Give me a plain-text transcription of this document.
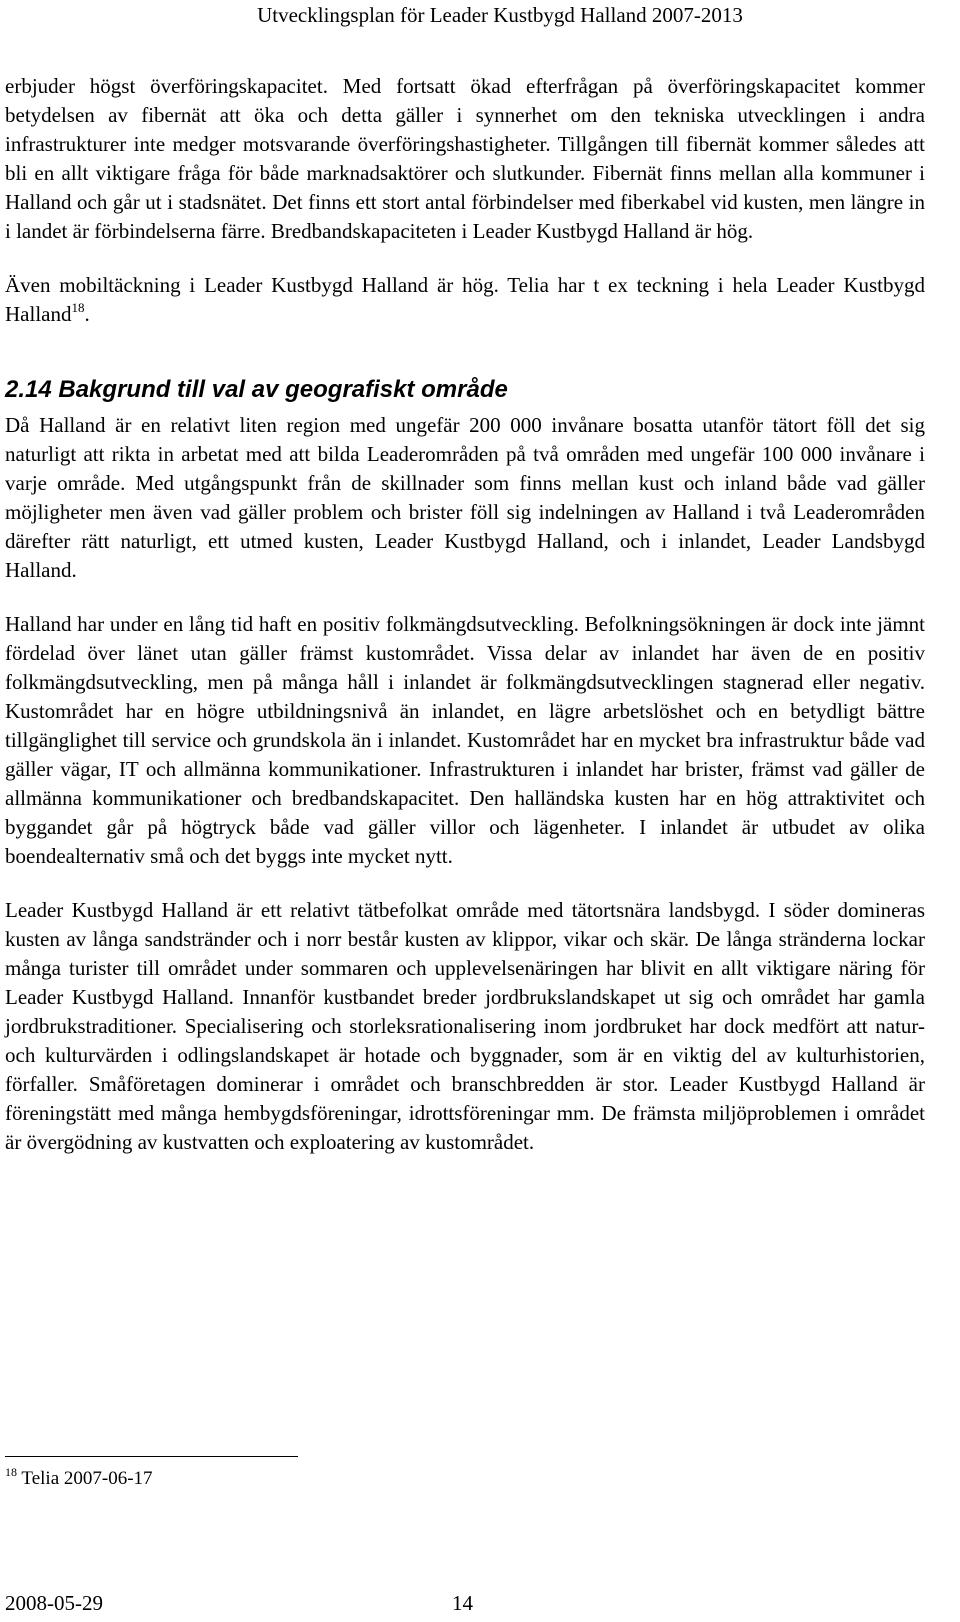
Utvecklingsplan för Leader Kustbygd Halland 2007-2013

erbjuder högst överföringskapacitet. Med fortsatt ökad efterfrågan på överföringskapacitet kommer betydelsen av fibernät att öka och detta gäller i synnerhet om den tekniska utvecklingen i andra infrastrukturer inte medger motsvarande överföringshastigheter. Tillgången till fibernät kommer således att bli en allt viktigare fråga för både marknadsaktörer och slutkunder. Fibernät finns mellan alla kommuner i Halland och går ut i stadsnätet. Det finns ett stort antal förbindelser med fiberkabel vid kusten, men längre in i landet är förbindelserna färre. Bredbandskapaciteten i Leader Kustbygd Halland är hög.

Även mobiltäckning i Leader Kustbygd Halland är hög. Telia har t ex teckning i hela Leader Kustbygd Halland$^{18}$.

2.14 Bakgrund till val av geografiskt område

Då Halland är en relativt liten region med ungefär 200 000 invånare bosatta utanför tätort föll det sig naturligt att rikta in arbetat med att bilda Leaderområden på två områden med ungefär 100 000 invånare i varje område. Med utgångspunkt från de skillnader som finns mellan kust och inland både vad gäller möjligheter men även vad gäller problem och brister föll sig indelningen av Halland i två Leaderområden därefter rätt naturligt, ett utmed kusten, Leader Kustbygd Halland, och i inlandet, Leader Landsbygd Halland.

Halland har under en lång tid haft en positiv folkmängdsutveckling. Befolkningsökningen är dock inte jämnt fördelad över länet utan gäller främst kustområdet. Vissa delar av inlandet har även de en positiv folkmängdsutveckling, men på många håll i inlandet är folkmängdsutvecklingen stagnerad eller negativ. Kustområdet har en högre utbildningsnivå än inlandet, en lägre arbetslöshet och en betydligt bättre tillgänglighet till service och grundskola än i inlandet. Kustområdet har en mycket bra infrastruktur både vad gäller vägar, IT och allmänna kommunikationer. Infrastrukturen i inlandet har brister, främst vad gäller de allmänna kommunikationer och bredbandskapacitet. Den halländska kusten har en hög attraktivitet och byggandet går på högtryck både vad gäller villor och lägenheter. I inlandet är utbudet av olika boendealternativ små och det byggs inte mycket nytt.

Leader Kustbygd Halland är ett relativt tätbefolkat område med tätortsnära landsbygd. I söder domineras kusten av långa sandstränder och i norr består kusten av klippor, vikar och skär. De långa stränderna lockar många turister till området under sommaren och upplevelsenäringen har blivit en allt viktigare näring för Leader Kustbygd Halland. Innanför kustbandet breder jordbrukslandskapet ut sig och området har gamla jordbrukstraditioner. Specialisering och storleksrationalisering inom jordbruket har dock medfört att natur- och kulturvärden i odlingslandskapet är hotade och byggnader, som är en viktig del av kulturhistorien, förfaller. Småföretagen dominerar i området och branschbredden är stor. Leader Kustbygd Halland är föreningstätt med många hembygdsföreningar, idrottsföreningar mm. De främsta miljöproblemen i området är övergödning av kustvatten och exploatering av kustområdet.

$^{18}$ Telia 2007-06-17
2008-05-29	14
